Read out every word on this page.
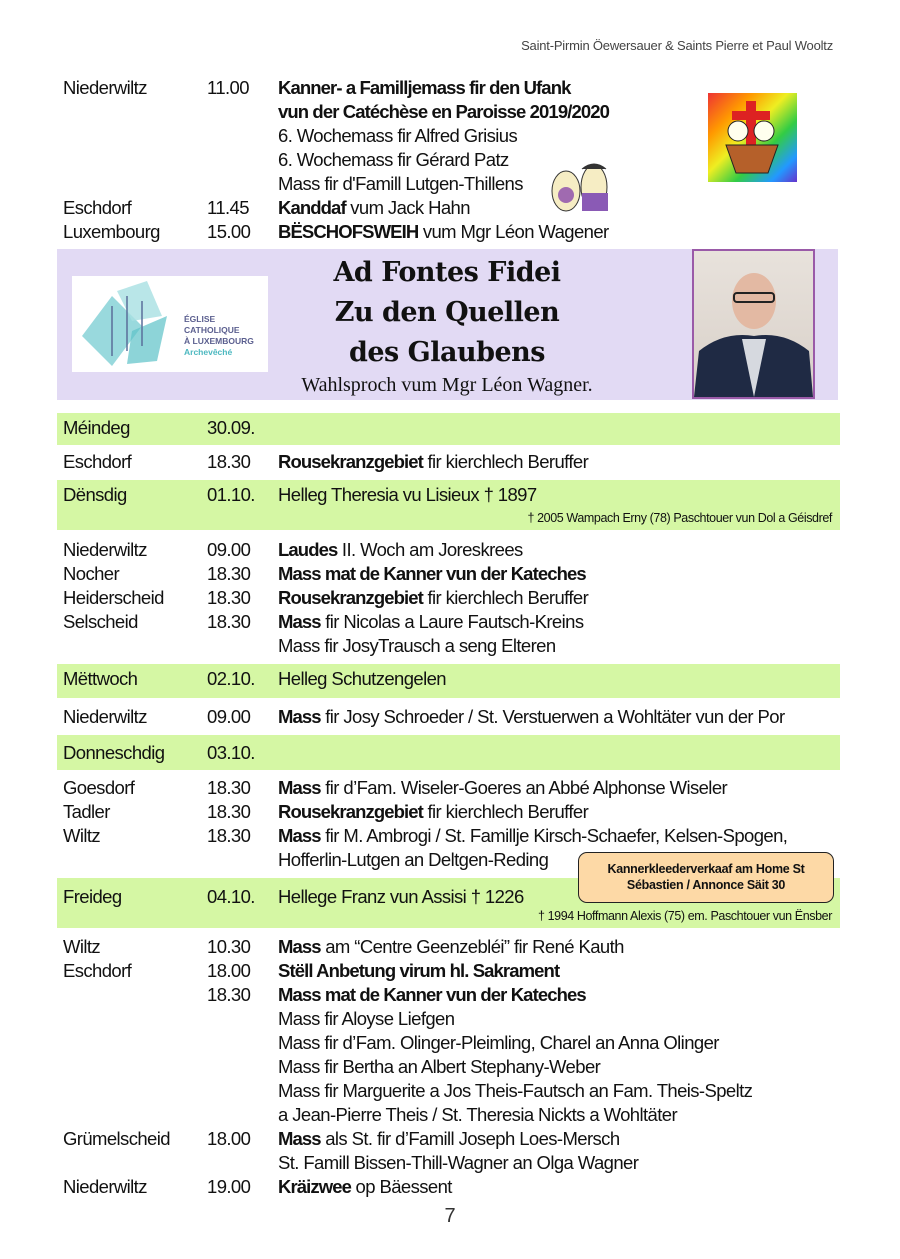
Saint-Pirmin Öewersauer & Saints Pierre et Paul Wooltz
Niederwiltz	11.00 Kanner- a Familljemass fir den Ufank
vun der Catéchèse en Paroisse 2019/2020
6. Wochemass fir Alfred Grisius
6. Wochemass fir Gérard Patz
Mass fir d'Famill Lutgen-Thillens
Eschdorf	11.45 Kanddaf vum Jack Hahn
Luxembourg	15.00 BËSCHOFSWEIH vum Mgr Léon Wagener
ÉGLISE CATHOLIQUE
À LUXEMBOURG
Archevêché
Ad Fontes Fidei
Zu den Quellen
des Glaubens
Wahlsproch vum Mgr Léon Wagner.
Méindeg	30.09.
Eschdorf	18.30 Rousekranzgebiet fir kierchlech Beruffer
Dënsdig	01.10. Helleg Theresia vu Lisieux † 1897
† 2005 Wampach Erny (78) Paschtouer vun Dol a Géisdref
Niederwiltz	09.00 Laudes II. Woch am Joreskrees
Nocher	18.30 Mass mat de Kanner vun der Kateches
Heiderscheid 18.30 Rousekranzgebiet fir kierchlech Beruffer
Selscheid	18.30 Mass fir Nicolas a Laure Fautsch-Kreins
Mass fir JosyTrausch a seng Elteren
Mëttwoch	02.10. Helleg Schutzengelen
Niederwiltz	09.00 Mass fir Josy Schroeder / St. Verstuerwen a Wohltäter vun der Por
Donneschdig 03.10.
Goesdorf	18.30 Mass fir d’Fam. Wiseler-Goeres an Abbé Alphonse Wiseler
Tadler	18.30 Rousekranzgebiet fir kierchlech Beruffer
Wiltz	18.30 Mass fir M. Ambrogi / St. Famillje Kirsch-Schaefer, Kelsen-Spogen,
Hofferlin-Lutgen an Deltgen-Reding
Freideg	04.10. Hellege Franz vun Assisi † 1226
† 1994 Hoffmann Alexis (75) em. Paschtouer vun Ënsber
Kannerkleederverkaaf am Home St
Sébastien / Annonce Säit 30
Wiltz	10.30 Mass am “Centre Geenzebléi” fir René Kauth
Eschdorf	18.00 Stëll Anbetung virum hl. Sakrament
18.30 Mass mat de Kanner vun der Kateches
Mass fir Aloyse Liefgen
Mass fir d’Fam. Olinger-Pleimling, Charel an Anna Olinger
Mass fir Bertha an Albert Stephany-Weber
Mass fir Marguerite a Jos Theis-Fautsch an Fam. Theis-Speltz
a Jean-Pierre Theis / St. Theresia Nickts a Wohltäter
Grümelscheid 18.00 Mass als St. fir d’Famill Joseph Loes-Mersch
St. Famill Bissen-Thill-Wagner an Olga Wagner
Niederwiltz	19.00 Kräizwee op Bäessent
7
